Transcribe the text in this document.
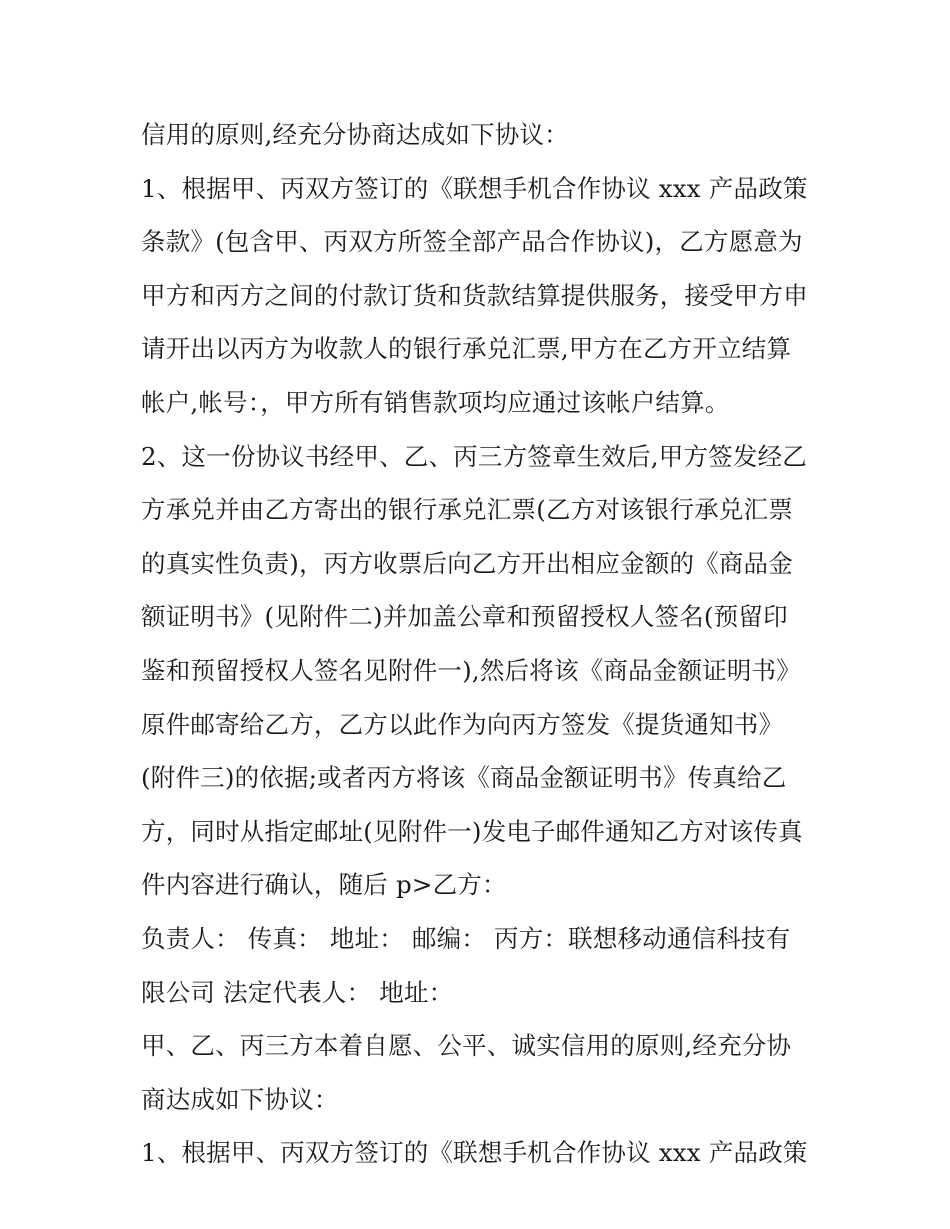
信用的原则,经充分协商达成如下协议：
1、根据甲、丙双方签订的《联想手机合作协议 xxx 产品政策
条款》(包含甲、丙双方所签全部产品合作协议)，乙方愿意为
甲方和丙方之间的付款订货和货款结算提供服务，接受甲方申
请开出以丙方为收款人的银行承兑汇票,甲方在乙方开立结算
帐户,帐号：，甲方所有销售款项均应通过该帐户结算。
2、这一份协议书经甲、乙、丙三方签章生效后,甲方签发经乙
方承兑并由乙方寄出的银行承兑汇票(乙方对该银行承兑汇票
的真实性负责)，丙方收票后向乙方开出相应金额的《商品金
额证明书》(见附件二)并加盖公章和预留授权人签名(预留印
鉴和预留授权人签名见附件一),然后将该《商品金额证明书》
原件邮寄给乙方，乙方以此作为向丙方签发《提货通知书》
(附件三)的依据;或者丙方将该《商品金额证明书》传真给乙
方，同时从指定邮址(见附件一)发电子邮件通知乙方对该传真
件内容进行确认，随后 p>乙方：
负责人： 传真： 地址： 邮编： 丙方：联想移动通信科技有
限公司 法定代表人： 地址：
甲、乙、丙三方本着自愿、公平、诚实信用的原则,经充分协
商达成如下协议：
1、根据甲、丙双方签订的《联想手机合作协议 xxx 产品政策
